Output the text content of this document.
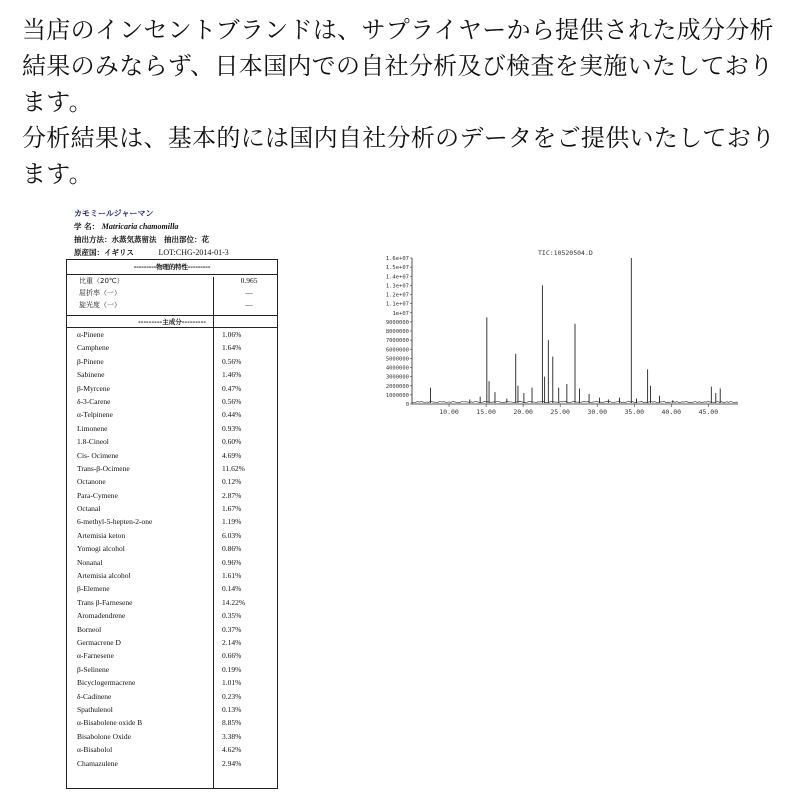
当店のインセントブランドは、サプライヤーから提供された成分分析

結果のみならず、日本国内での自社分析及び検査を実施いたしており

ます。

分析結果は、基本的には国内自社分析のデータをご提供いたしており

ます。

カモミールジャーマン
学 名： Matricaria chamomilla
抽出方法：水蒸気蒸留法　抽出部位：花
原産国：イギリス	LOT:CHG-2014-01-3
---------物理的特性---------
比重（20℃）	0.965
屈折率（一）	—
旋光度（一）	—
---------主成分---------
α-Pinene	1.06%
Camphene	1.64%
β-Pinene	0.56%
Sabinene	1.46%
β-Myrcene	0.47%
δ-3-Carene	0.56%
α-Telpinene	0.44%
Limonene	0.93%
1.8-Cineol	0.60%
Cis- Ocimene	4.69%
Trans-β-Ocimene	11.62%
Octanone	0.12%
Para-Cymene	2.87%
Octanal	1.67%
6-methyl-5-hepten-2-one	1.19%
Artemisia keton	6.03%
Yomogi alcohol	0.86%
Nonanal	0.96%
Artemisia alcohol	1.61%
β-Elemene	0.14%
Trans β-Farnesene	14.22%
Aromadendrene	0.35%
Borneol	0.37%
Germacrene D	2.14%
α-Farnesene	0.66%
β-Selinene	0.19%
Bicyclogermacrene	1.01%
δ-Cadinene	0.23%
Spathulenol	0.13%
α-Bisabolene oxide B	8.85%
Bisabolone Oxide	3.38%
α-Bisabolol	4.62%
Chamazulene	2.94%
TIC:10520504.D
1.6e+07
1.5e+07
1.4e+07
1.3e+07
1.2e+07
1.1e+07
1e+07
9000000
8000000
7000000
6000000
5000000
4000000
3000000
2000000
1000000
0
10.00	15.00	20.00	25.00	30.00	35.00	40.00	45.00
